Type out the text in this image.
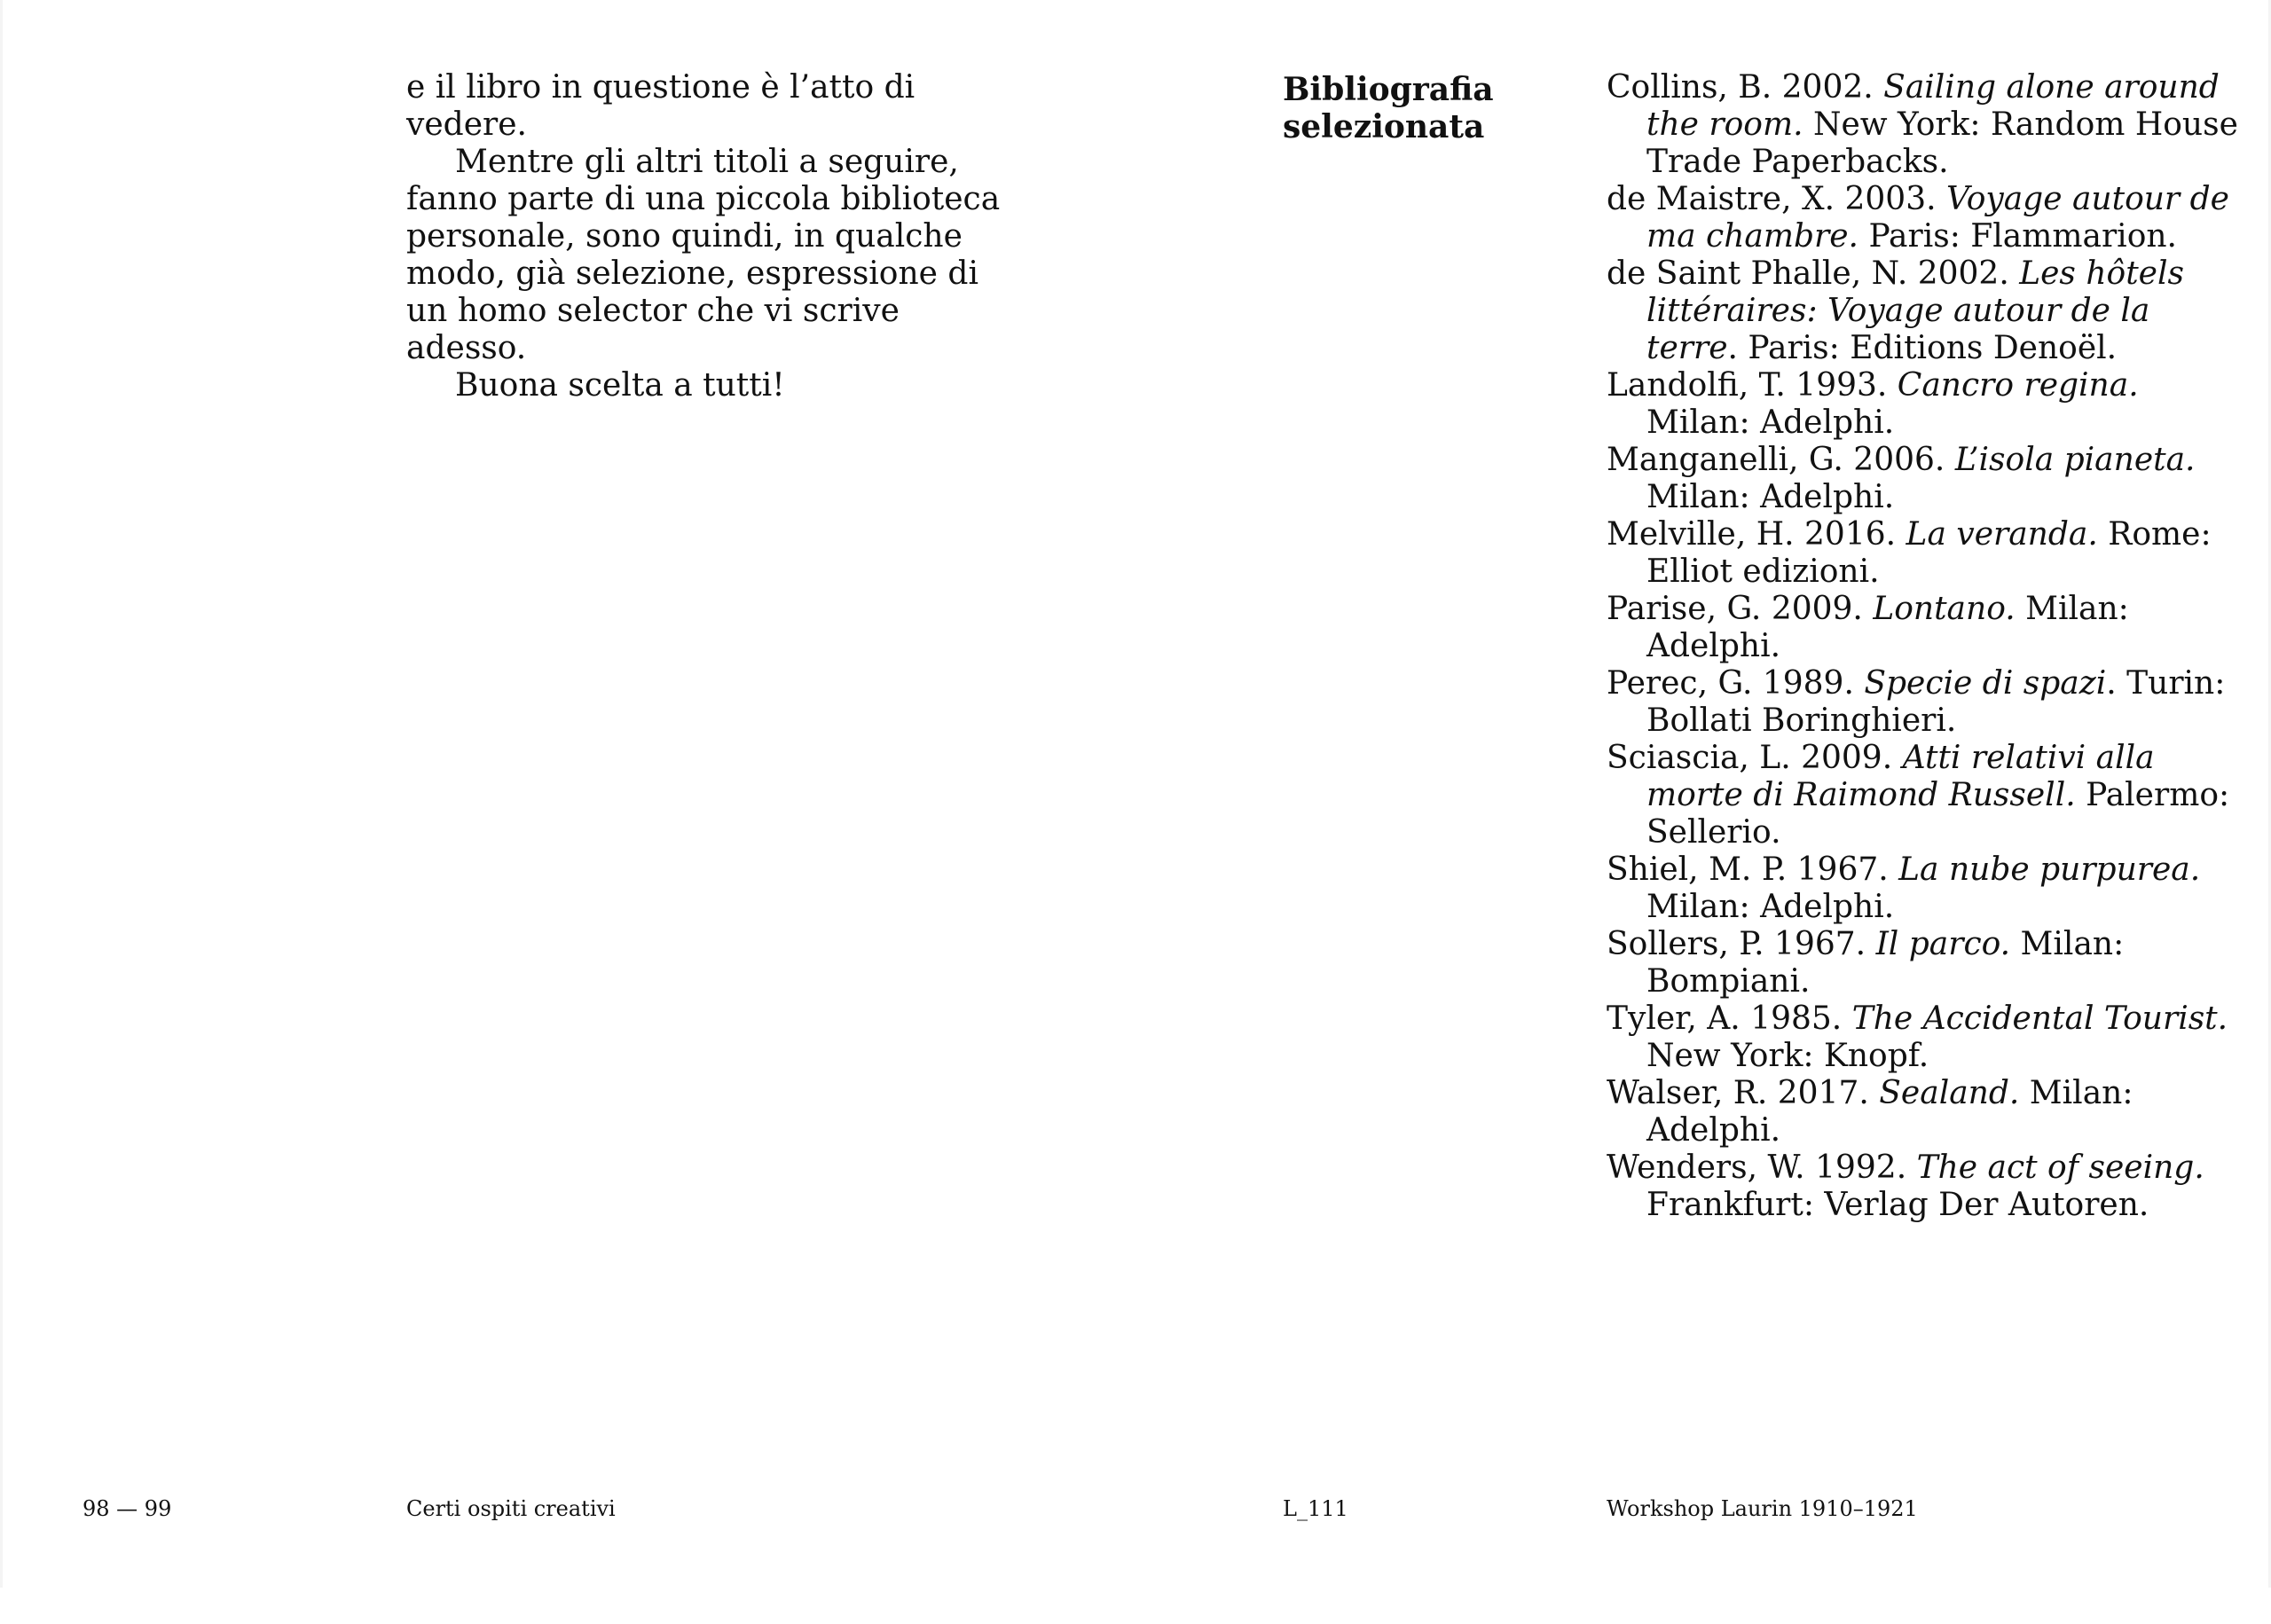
e il libro in questione è l’atto di vedere.

Mentre gli altri titoli a seguire, fanno parte di una piccola biblioteca personale, sono quindi, in qualche modo, già selezione, espressione di un homo selector che vi scrive adesso.

Buona scelta a tutti!

Bibliografia
selezionata

Collins, B. 2002. Sailing alone around the room. New York: Random House Trade Paperbacks.

de Maistre, X. 2003. Voyage autour de ma chambre. Paris: Flammarion.

de Saint Phalle, N. 2002. Les hôtels littéraires: Voyage autour de la terre. Paris: Editions Denoël.

Landolfi, T. 1993. Cancro regina. Milan: Adelphi.

Manganelli, G. 2006. L’isola pianeta. Milan: Adelphi.

Melville, H. 2016. La veranda. Rome: Elliot edizioni.

Parise, G. 2009. Lontano. Milan: Adelphi.

Perec, G. 1989. Specie di spazi. Turin: Bollati Boringhieri.

Sciascia, L. 2009. Atti relativi alla morte di Raimond Russell. Palermo: Sellerio.

Shiel, M. P. 1967. La nube purpurea. Milan: Adelphi.

Sollers, P. 1967. Il parco. Milan: Bompiani.

Tyler, A. 1985. The Accidental Tourist. New York: Knopf.

Walser, R. 2017. Sealand. Milan: Adelphi.

Wenders, W. 1992. The act of seeing. Frankfurt: Verlag Der Autoren.

98 — 99	Certi ospiti creativi	L_111	Workshop Laurin 1910–1921
